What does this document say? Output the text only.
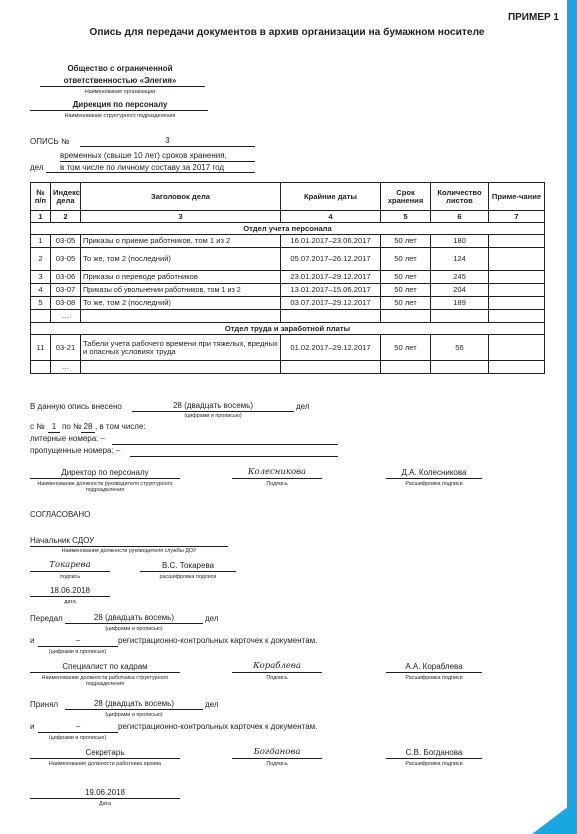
ПРИМЕР 1
Опись для передачи документов в архив организации на бумажном носителе
Общество с ограниченной
ответственностью «Элегия»
Наименование организации
Дирекция по персоналу
Наименование структурного подразделения
ОПИСЬ №	3
временных (свыше 10 лет) сроков хранения,
дел в том числе по личному составу за 2017 год
№ п/п	Индекс дела	Заголовок дела	Крайние даты	Срок хранения	Количество листов	Приме-чание
1	2	3	4	5	6	7
Отдел учета персонала						
1	03-05	Приказы о приеме работников, том 1 из 2	16.01.2017–23.06.2017	50 лет	180	
2	03-05	То же, том 2 (последний)	05.07.2017–26.12.2017	50 лет	124	
3	03-06	Приказы о переводе работников	23.01.2017–29.12.2017	50 лет	245	
4	03-07	Приказы об увольнении работников, том 1 из 2	13.01.2017–15.06.2017	50 лет	204	
5	03-08	То же, том 2 (последний)	03.07.2017–29.12.2017	50 лет	189	
	…					
Отдел труда и заработной платы						
11	03-21	Табели учета рабочего времени при тяжелых, вредных и опасных условиях труда	01.02.2017–29.12.2017	50 лет	56	
	…					
В данную опись внесено	28 (двадцать восемь)	дел
(цифрами и прописью)
с № 1 по № 28 , в том числе:
литерные номера: –
пропущенные номера: –
Директор по персоналу
Наименование должности руководителя структурного подразделения
Колесникова
Подпись
Д.А. Колесникова
Расшифровка подписи
СОГЛАСОВАНО
Начальник СДОУ
Наименование должности руководителя службы ДОУ
Токарева
подпись
В.С. Токарева
расшифровка подписи
18.06.2018
дата
Передал	28 (двадцать восемь)	дел
(цифрами и прописью)
и	–	регистрационно-контрольных карточек к документам.
(цифрами и прописью)
Специалист по кадрам
Наименование должности работника структурного подразделения
Кораблева
Подпись
А.А. Кораблева
Расшифровка подписи
Принял	28 (двадцать восемь)	дел
(цифрами и прописью)
и	–	регистрационно-контрольных карточек к документам.
(цифрами и прописью)
Секретарь
Наименование должности работника архива
Богданова
Подпись
С.В. Богданова
Расшифровка подписи
19.06.2018
Дата
